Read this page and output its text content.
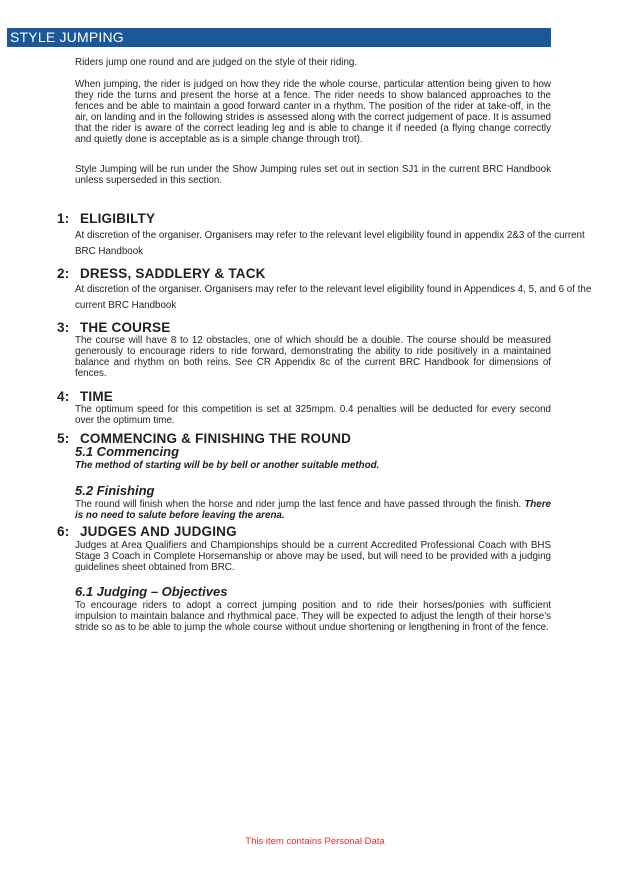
STYLE JUMPING

Riders jump one round and are judged on the style of their riding.

When jumping, the rider is judged on how they ride the whole course, particular attention being given to how they ride the turns and present the horse at a fence. The rider needs to show balanced approaches to the fences and be able to maintain a good forward canter in a rhythm. The position of the rider at take-off, in the air, on landing and in the following strides is assessed along with the correct judgement of pace. It is assumed that the rider is aware of the correct leading leg and is able to change it if needed (a flying change correctly and quietly done is acceptable as is a simple change through trot).

Style Jumping will be run under the Show Jumping rules set out in section SJ1 in the current BRC Handbook unless superseded in this section.

1: ELIGIBILTY

At discretion of the organiser. Organisers may refer to the relevant level eligibility found in appendix 2&3 of the current BRC Handbook

2: DRESS, SADDLERY & TACK

At discretion of the organiser. Organisers may refer to the relevant level eligibility found in Appendices 4, 5, and 6 of the current BRC Handbook

3: THE COURSE

The course will have 8 to 12 obstacles, one of which should be a double. The course should be measured generously to encourage riders to ride forward, demonstrating the ability to ride positively in a maintained balance and rhythm on both reins. See CR Appendix 8c of the current BRC Handbook for dimensions of fences.

4: TIME

The optimum speed for this competition is set at 325mpm. 0.4 penalties will be deducted for every second over the optimum time.

5: COMMENCING & FINISHING THE ROUND
5.1 Commencing

The method of starting will be by bell or another suitable method.

5.2 Finishing

The round will finish when the horse and rider jump the last fence and have passed through the finish. There is no need to salute before leaving the arena.

6: JUDGES AND JUDGING

Judges at Area Qualifiers and Championships should be a current Accredited Professional Coach with BHS Stage 3 Coach in Complete Horsemanship or above may be used, but will need to be provided with a judging guidelines sheet obtained from BRC.

6.1 Judging – Objectives

To encourage riders to adopt a correct jumping position and to ride their horses/ponies with sufficient impulsion to maintain balance and rhythmical pace. They will be expected to adjust the length of their horse’s stride so as to be able to jump the whole course without undue shortening or lengthening in front of the fence.

This item contains Personal Data
